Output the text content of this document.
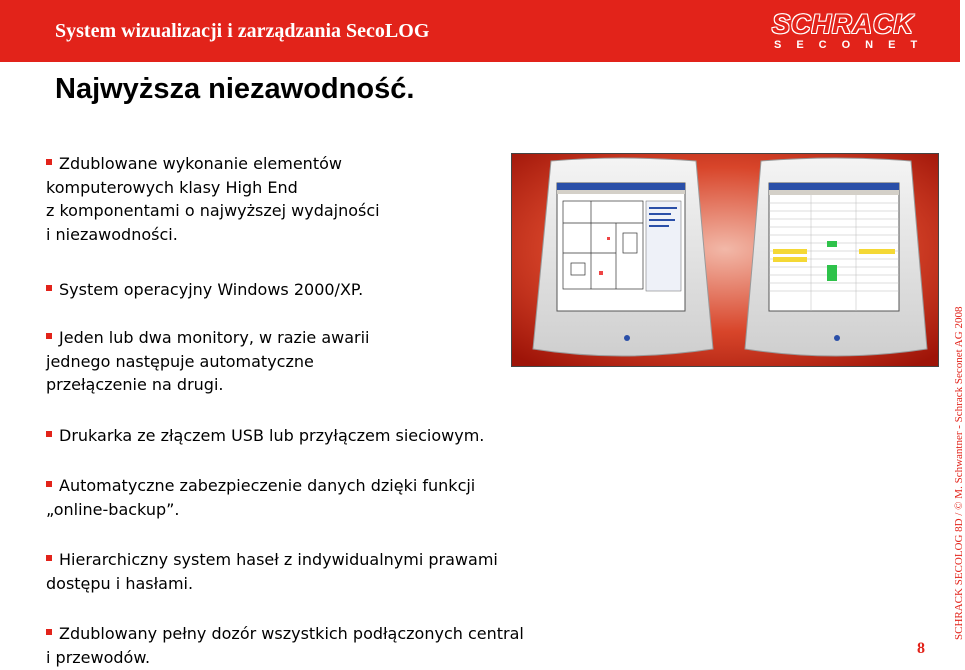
System wizualizacji i zarządzania SecoLOG	SCHRACK
SECONET
Najwyższa niezawodność.
Zdublowane wykonanie elementów
komputerowych klasy High End
z komponentami o najwyższej wydajności
i niezawodności.
System operacyjny Windows 2000/XP.
Jeden lub dwa monitory, w razie awarii
jednego następuje automatyczne
przełączenie na drugi.
Drukarka ze złączem USB lub przyłączem sieciowym.
Automatyczne zabezpieczenie danych dzięki funkcji
„online-backup”.
Hierarchiczny system haseł z indywidualnymi prawami
dostępu i hasłami.
Zdublowany pełny dozór wszystkich podłączonych central
i przewodów.
SCHRACK SECOLOG 8D / © M. Schwantner - Schrack Seconet AG 2008
8
